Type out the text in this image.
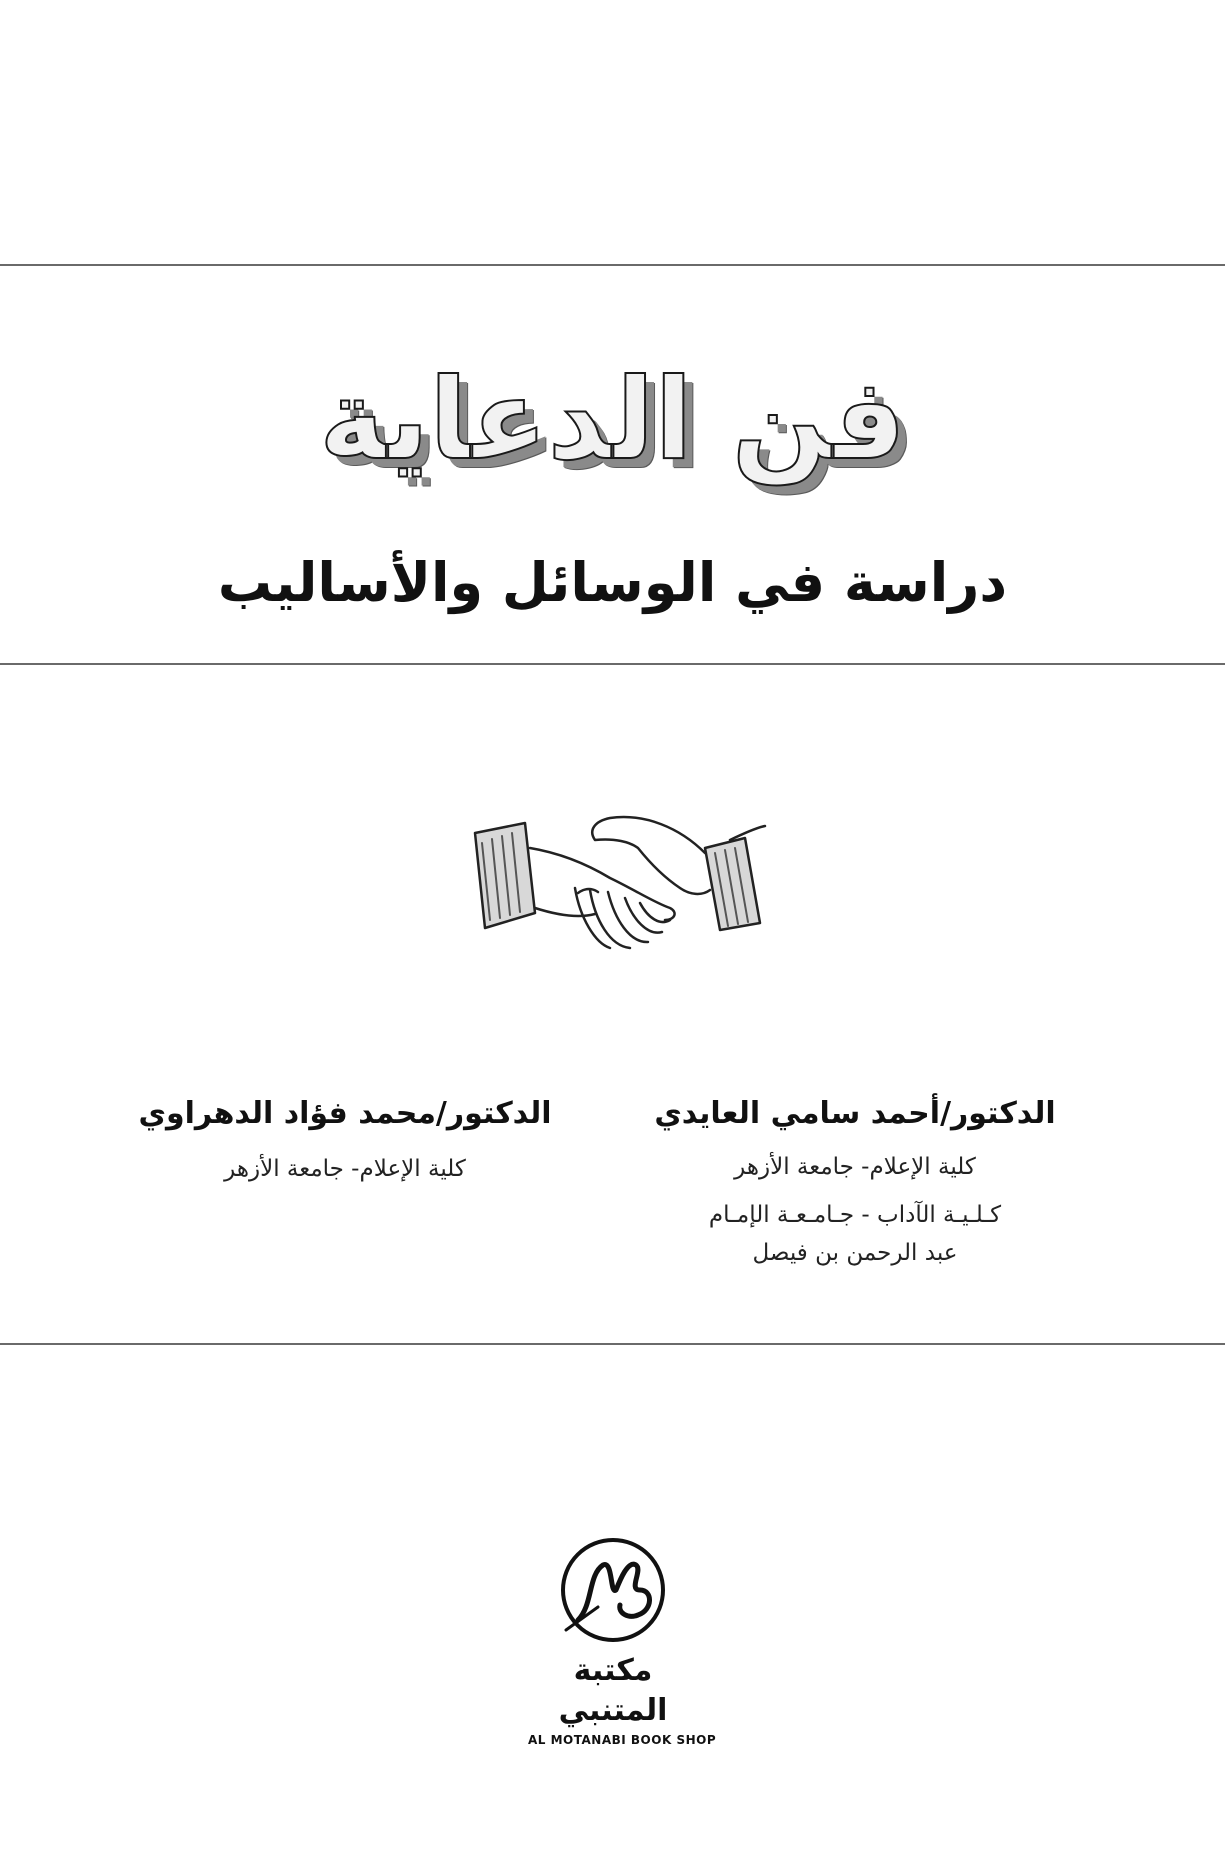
فن الدعاية
دراسة في الوسائل والأساليب
الدكتور/أحمد سامي العايدي
كلية الإعلام- جامعة الأزهر
كـلـيـة الآداب - جـامـعـة الإمـام
عبد الرحمن بن فيصل
الدكتور/محمد فؤاد الدهراوي
كلية الإعلام- جامعة الأزهر
مكتبة المتنبي
AL MOTANABI BOOK SHOP
